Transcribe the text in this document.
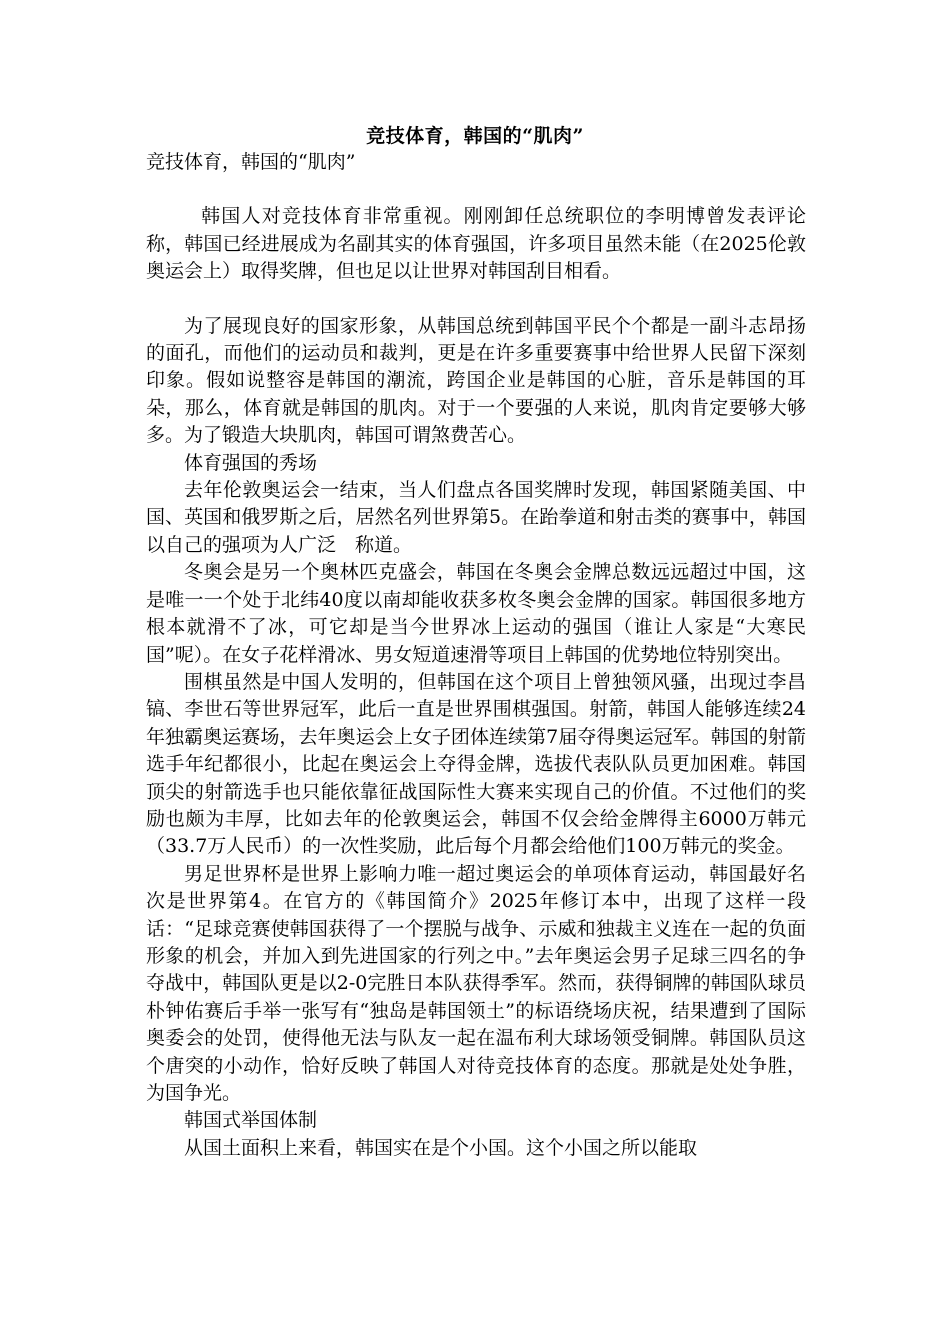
竞技体育，韩国的“肌肉”

竞技体育，韩国的“肌肉”

韩国人对竞技体育非常重视。刚刚卸任总统职位的李明博曾发表评论称，韩国已经进展成为名副其实的体育强国，许多项目虽然未能（在2025伦敦奥运会上）取得奖牌，但也足以让世界对韩国刮目相看。

为了展现良好的国家形象，从韩国总统到韩国平民个个都是一副斗志昂扬的面孔，而他们的运动员和裁判，更是在许多重要赛事中给世界人民留下深刻印象。假如说整容是韩国的潮流，跨国企业是韩国的心脏，音乐是韩国的耳朵，那么，体育就是韩国的肌肉。对于一个要强的人来说，肌肉肯定要够大够多。为了锻造大块肌肉，韩国可谓煞费苦心。

体育强国的秀场

去年伦敦奥运会一结束，当人们盘点各国奖牌时发现，韩国紧随美国、中国、英国和俄罗斯之后，居然名列世界第5。在跆拳道和射击类的赛事中，韩国以自己的强项为人广泛　称道。

冬奥会是另一个奥林匹克盛会，韩国在冬奥会金牌总数远远超过中国，这是唯一一个处于北纬40度以南却能收获多枚冬奥会金牌的国家。韩国很多地方根本就滑不了冰，可它却是当今世界冰上运动的强国（谁让人家是“大寒民国”呢）。在女子花样滑冰、男女短道速滑等项目上韩国的优势地位特别突出。

围棋虽然是中国人发明的，但韩国在这个项目上曾独领风骚，出现过李昌镐、李世石等世界冠军，此后一直是世界围棋强国。射箭，韩国人能够连续24年独霸奥运赛场，去年奥运会上女子团体连续第7届夺得奥运冠军。韩国的射箭选手年纪都很小，比起在奥运会上夺得金牌，选拔代表队队员更加困难。韩国顶尖的射箭选手也只能依靠征战国际性大赛来实现自己的价值。不过他们的奖励也颇为丰厚，比如去年的伦敦奥运会，韩国不仅会给金牌得主6000万韩元（33.7万人民币）的一次性奖励，此后每个月都会给他们100万韩元的奖金。

男足世界杯是世界上影响力唯一超过奥运会的单项体育运动，韩国最好名次是世界第4。在官方的《韩国简介》2025年修订本中，出现了这样一段话：“足球竞赛使韩国获得了一个摆脱与战争、示威和独裁主义连在一起的负面形象的机会，并加入到先进国家的行列之中。”去年奥运会男子足球三四名的争夺战中，韩国队更是以2-0完胜日本队获得季军。然而，获得铜牌的韩国队球员朴钟佑赛后手举一张写有“独岛是韩国领土”的标语绕场庆祝，结果遭到了国际奥委会的处罚，使得他无法与队友一起在温布利大球场领受铜牌。韩国队员这个唐突的小动作，恰好反映了韩国人对待竞技体育的态度。那就是处处争胜，为国争光。

韩国式举国体制

从国土面积上来看，韩国实在是个小国。这个小国之所以能取
